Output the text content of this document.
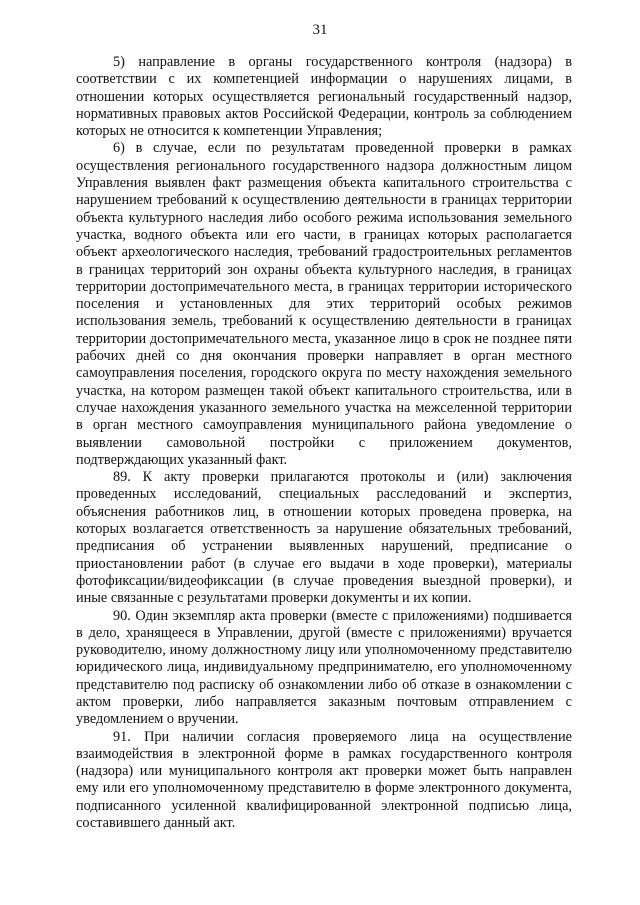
31

5) направление в органы государственного контроля (надзора) в соответствии с их компетенцией информации о нарушениях лицами, в отношении которых осуществляется региональный государственный надзор, нормативных правовых актов Российской Федерации, контроль за соблюдением которых не относится к компетенции Управления;

6) в случае, если по результатам проведенной проверки в рамках осуществления регионального государственного надзора должностным лицом Управления выявлен факт размещения объекта капитального строительства с нарушением требований к осуществлению деятельности в границах территории объекта культурного наследия либо особого режима использования земельного участка, водного объекта или его части, в границах которых располагается объект археологического наследия, требований градостроительных регламентов в границах территорий зон охраны объекта культурного наследия, в границах территории достопримечательного места, в границах территории исторического поселения и установленных для этих территорий особых режимов использования земель, требований к осуществлению деятельности в границах территории достопримечательного места, указанное лицо в срок не позднее пяти рабочих дней со дня окончания проверки направляет в орган местного самоуправления поселения, городского округа по месту нахождения земельного участка, на котором размещен такой объект капитального строительства, или в случае нахождения указанного земельного участка на межселенной территории в орган местного самоуправления муниципального района уведомление о выявлении самовольной постройки с приложением документов, подтверждающих указанный факт.

89. К акту проверки прилагаются протоколы и (или) заключения проведенных исследований, специальных расследований и экспертиз, объяснения работников лиц, в отношении которых проведена проверка, на которых возлагается ответственность за нарушение обязательных требований, предписания об устранении выявленных нарушений, предписание о приостановлении работ (в случае его выдачи в ходе проверки), материалы фотофиксации/видеофиксации (в случае проведения выездной проверки), и иные связанные с результатами проверки документы и их копии.

90. Один экземпляр акта проверки (вместе с приложениями) подшивается в дело, хранящееся в Управлении, другой (вместе с приложениями) вручается руководителю, иному должностному лицу или уполномоченному представителю юридического лица, индивидуальному предпринимателю, его уполномоченному представителю под расписку об ознакомлении либо об отказе в ознакомлении с актом проверки, либо направляется заказным почтовым отправлением с уведомлением о вручении.

91. При наличии согласия проверяемого лица на осуществление взаимодействия в электронной форме в рамках государственного контроля (надзора) или муниципального контроля акт проверки может быть направлен ему или его уполномоченному представителю в форме электронного документа, подписанного усиленной квалифицированной электронной подписью лица, составившего данный акт.
